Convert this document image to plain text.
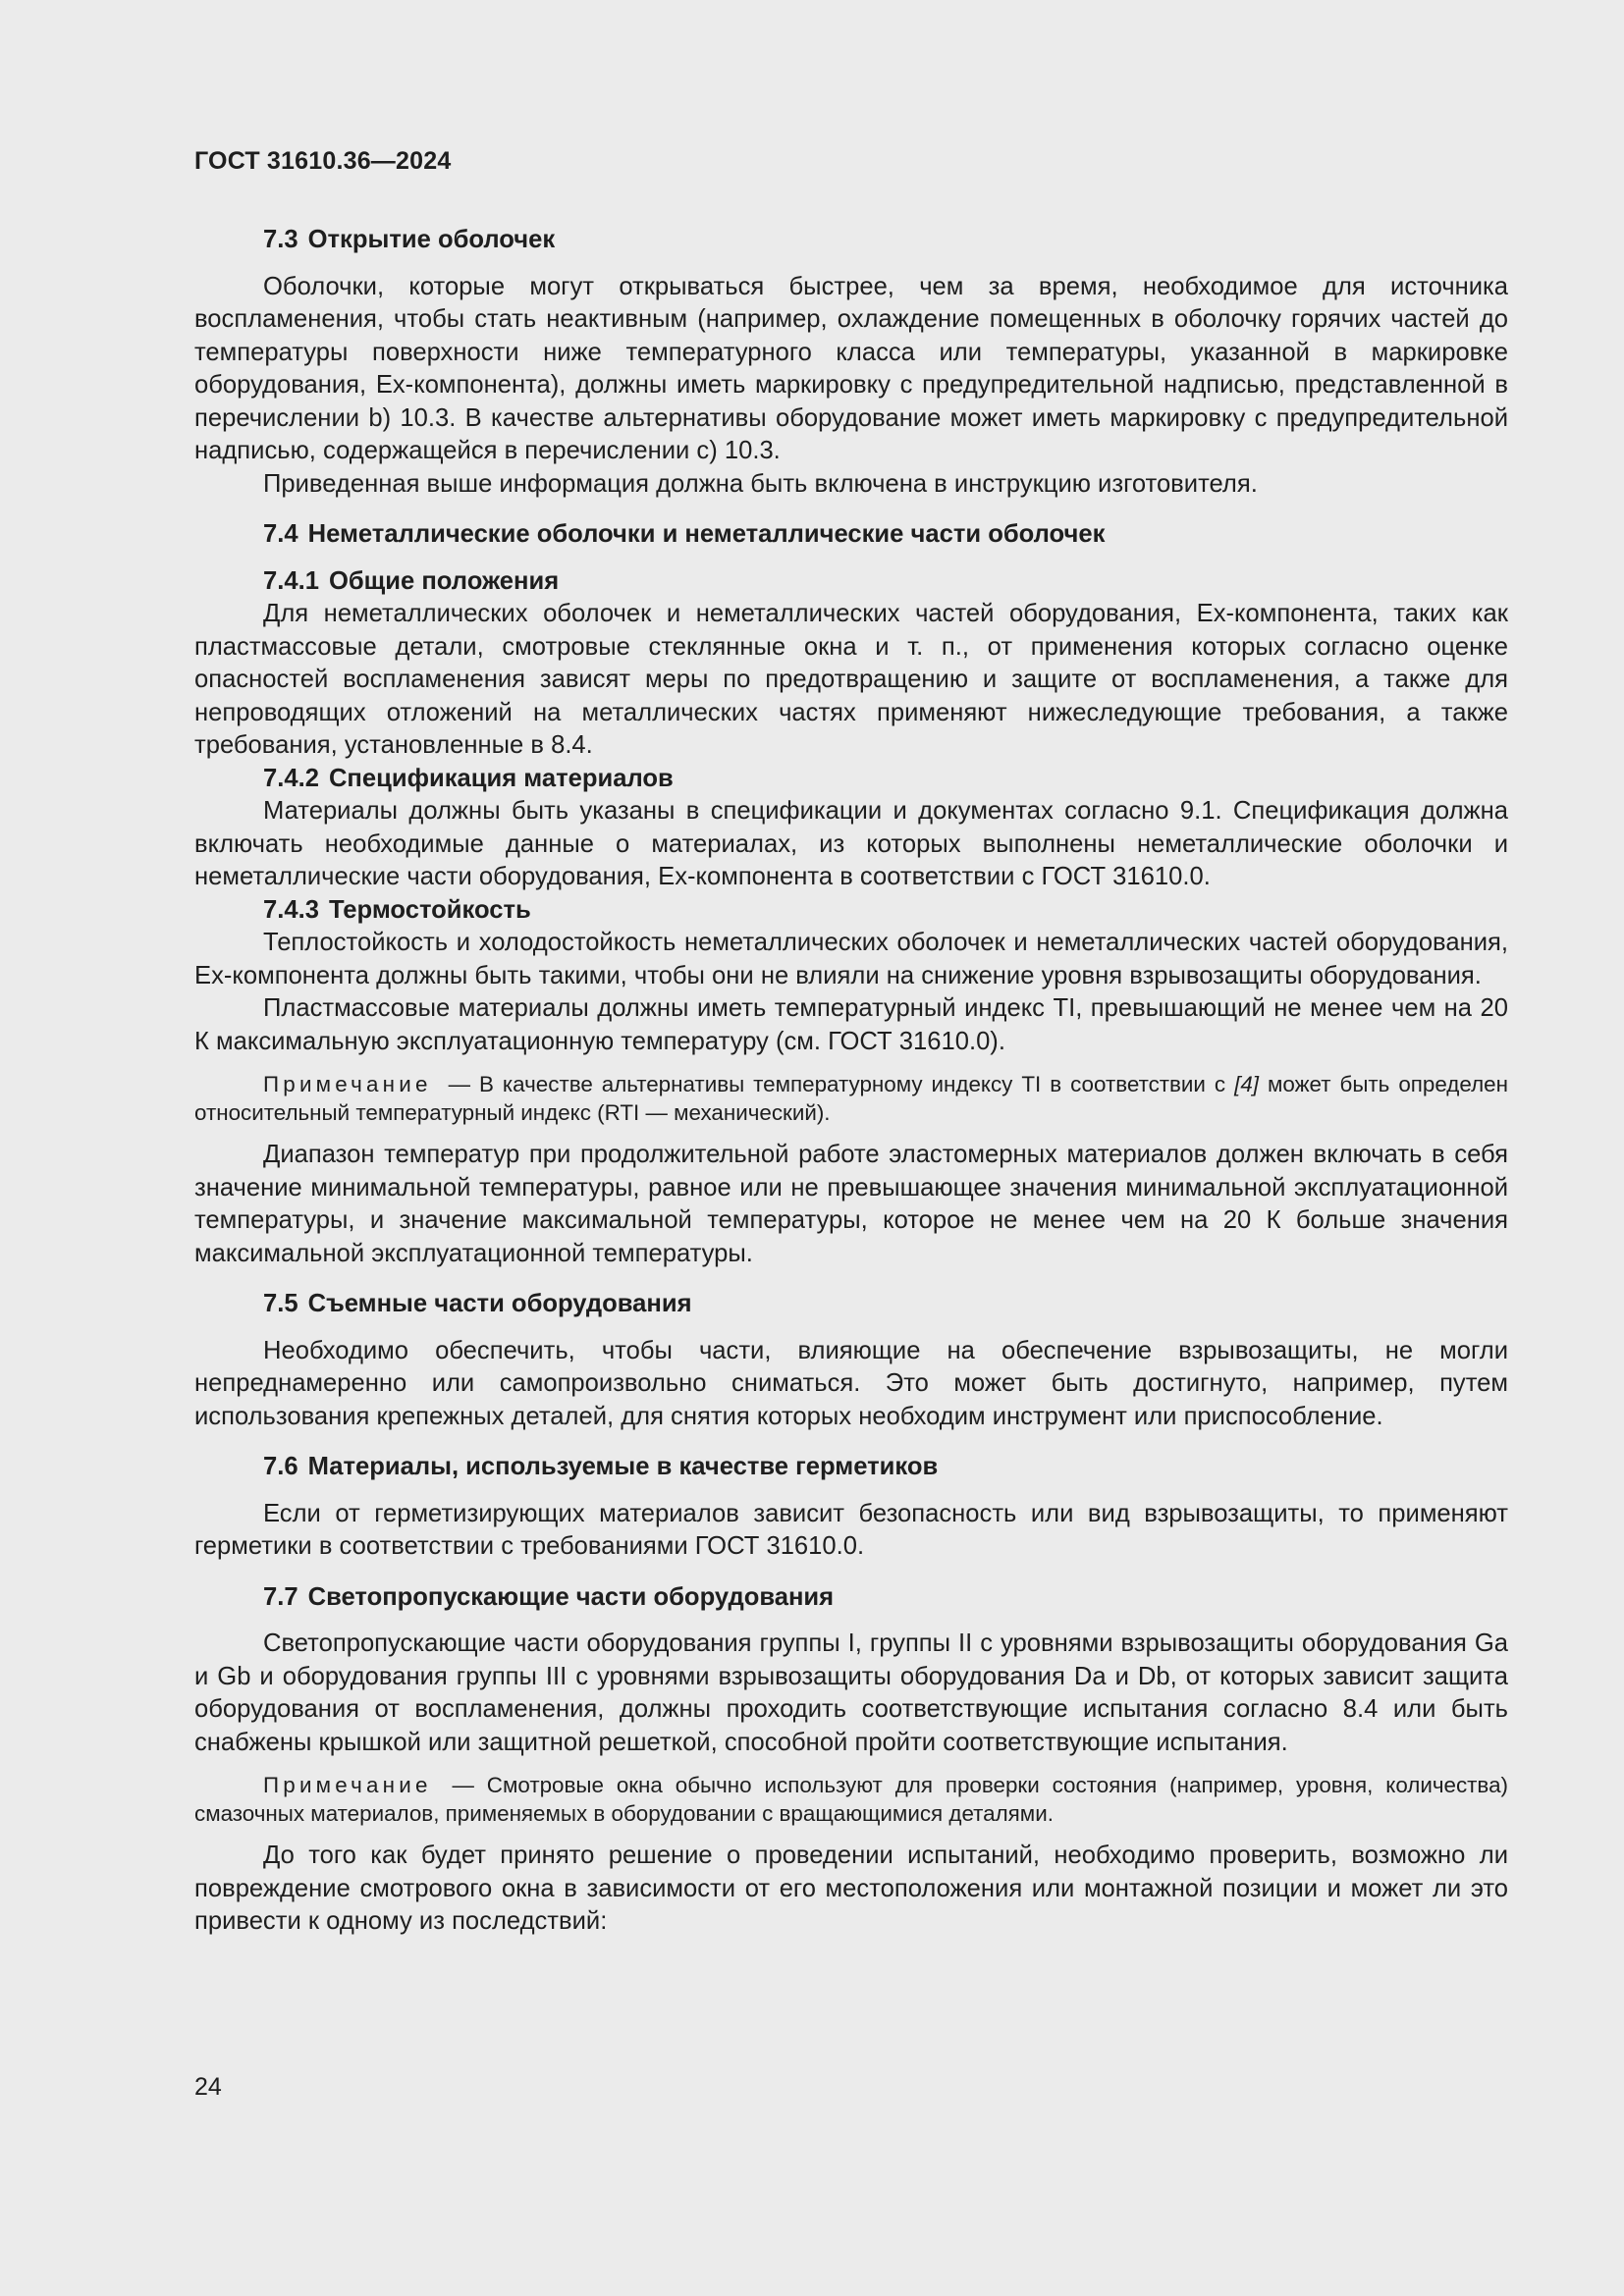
ГОСТ 31610.36—2024
7.3 Открытие оболочек

Оболочки, которые могут открываться быстрее, чем за время, необходимое для источника воспламенения, чтобы стать неактивным (например, охлаждение помещенных в оболочку горячих частей до температуры поверхности ниже температурного класса или температуры, указанной в маркировке оборудования, Ex-компонента), должны иметь маркировку с предупредительной надписью, представленной в перечислении b) 10.3. В качестве альтернативы оборудование может иметь маркировку с предупредительной надписью, содержащейся в перечислении с) 10.3.

Приведенная выше информация должна быть включена в инструкцию изготовителя.

7.4 Неметаллические оболочки и неметаллические части оболочек
7.4.1 Общие положения

Для неметаллических оболочек и неметаллических частей оборудования, Ex-компонента, таких как пластмассовые детали, смотровые стеклянные окна и т. п., от применения которых согласно оценке опасностей воспламенения зависят меры по предотвращению и защите от воспламенения, а также для непроводящих отложений на металлических частях применяют нижеследующие требования, а также требования, установленные в 8.4.

7.4.2 Спецификация материалов

Материалы должны быть указаны в спецификации и документах согласно 9.1. Спецификация должна включать необходимые данные о материалах, из которых выполнены неметаллические оболочки и неметаллические части оборудования, Ex-компонента в соответствии с ГОСТ 31610.0.

7.4.3 Термостойкость

Теплостойкость и холодостойкость неметаллических оболочек и неметаллических частей оборудования, Ex-компонента должны быть такими, чтобы они не влияли на снижение уровня взрывозащиты оборудования.

Пластмассовые материалы должны иметь температурный индекс TI, превышающий не менее чем на 20 К максимальную эксплуатационную температуру (см. ГОСТ 31610.0).

Примечание — В качестве альтернативы температурному индексу TI в соответствии с [4] может быть определен относительный температурный индекс (RTI — механический).

Диапазон температур при продолжительной работе эластомерных материалов должен включать в себя значение минимальной температуры, равное или не превышающее значения минимальной эксплуатационной температуры, и значение максимальной температуры, которое не менее чем на 20 К больше значения максимальной эксплуатационной температуры.

7.5 Съемные части оборудования

Необходимо обеспечить, чтобы части, влияющие на обеспечение взрывозащиты, не могли непреднамеренно или самопроизвольно сниматься. Это может быть достигнуто, например, путем использования крепежных деталей, для снятия которых необходим инструмент или приспособление.

7.6 Материалы, используемые в качестве герметиков

Если от герметизирующих материалов зависит безопасность или вид взрывозащиты, то применяют герметики в соответствии с требованиями ГОСТ 31610.0.

7.7 Светопропускающие части оборудования

Светопропускающие части оборудования группы I, группы II с уровнями взрывозащиты оборудования Ga и Gb и оборудования группы III с уровнями взрывозащиты оборудования Da и Db, от которых зависит защита оборудования от воспламенения, должны проходить соответствующие испытания согласно 8.4 или быть снабжены крышкой или защитной решеткой, способной пройти соответствующие испытания.

Примечание — Смотровые окна обычно используют для проверки состояния (например, уровня, количества) смазочных материалов, применяемых в оборудовании с вращающимися деталями.

До того как будет принято решение о проведении испытаний, необходимо проверить, возможно ли повреждение смотрового окна в зависимости от его местоположения или монтажной позиции и может ли это привести к одному из последствий:

24
